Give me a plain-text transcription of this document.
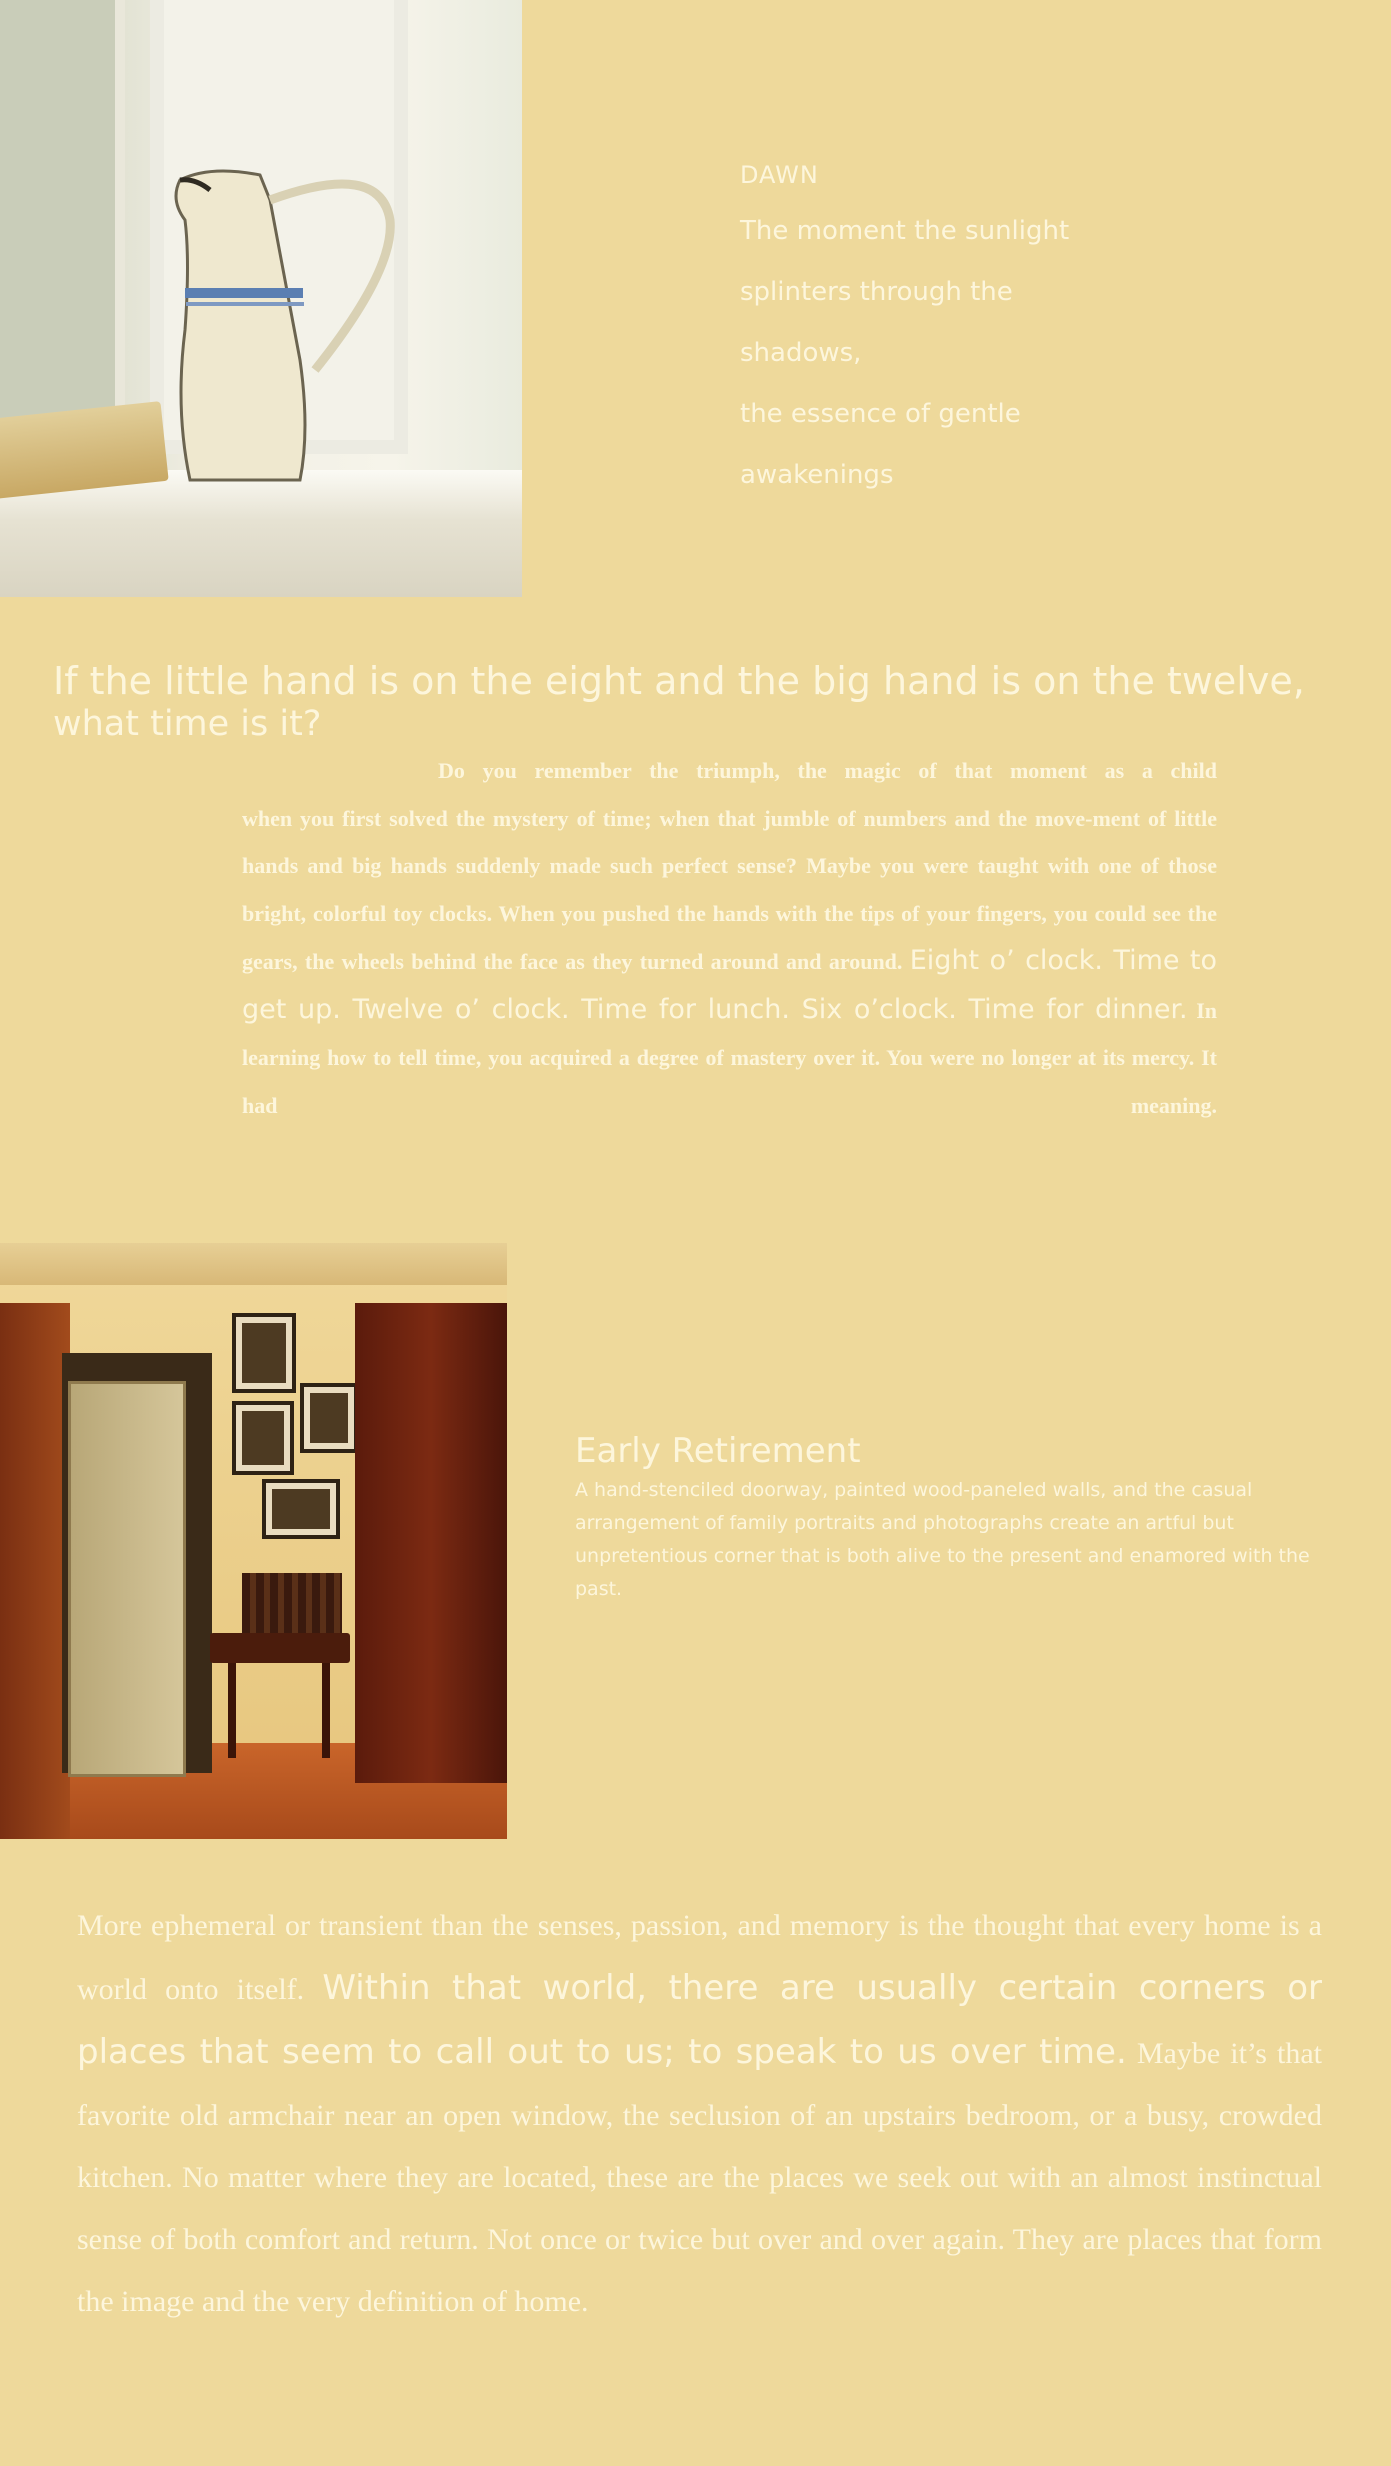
DAWN
The moment the sunlight
splinters through the shadows,
the essence of gentle
awakenings
If the little hand is on the eight and the big hand is on the twelve,
what time is it?
Do you remember the triumph, the magic of that moment as a child
when you first solved the mystery of time; when that jumble of numbers and the move-ment of little hands and big hands suddenly made such perfect sense? Maybe you were taught with one of those bright, colorful toy clocks. When you pushed the hands with the tips of your fingers, you could see the gears, the wheels behind the face as they turned around and around. Eight o’ clock. Time to get up. Twelve o’ clock. Time for lunch. Six o’clock. Time for dinner. In learning how to tell time, you acquired a degree of mastery over it. You were no longer at its mercy. It had meaning.
Early Retirement
A hand-stenciled doorway, painted wood-paneled walls, and the casual arrangement of family portraits and photographs create an artful but unpretentious corner that is both alive to the present and enamored with the past.
More ephemeral or transient than the senses, passion, and memory is the thought that every home is a world onto itself. Within that world, there are usually certain corners or places that seem to call out to us; to speak to us over time. Maybe it’s that favorite old armchair near an open window, the seclusion of an upstairs bedroom, or a busy, crowded kitchen. No matter where they are located, these are the places we seek out with an almost instinctual sense of both comfort and return. Not once or twice but over and over again. They are places that form the image and the very definition of home.
